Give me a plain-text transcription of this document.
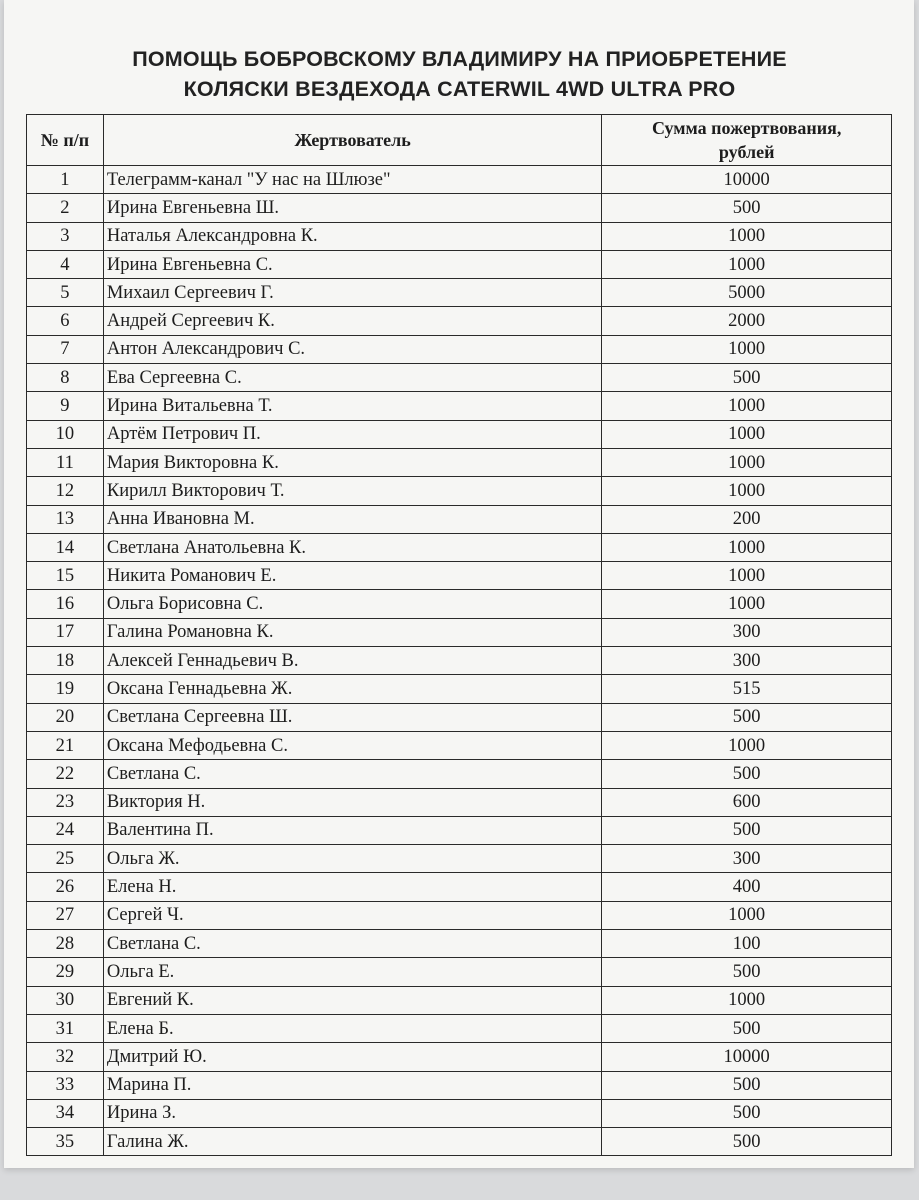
ПОМОЩЬ БОБРОВСКОМУ ВЛАДИМИРУ НА ПРИОБРЕТЕНИЕ
КОЛЯСКИ ВЕЗДЕХОДА CATERWIL 4WD ULTRA PRO
№ п/п	Жертвователь	Сумма пожертвования,
рублей
1	Телеграмм-канал "У нас на Шлюзе"	10000
2	Ирина Евгеньевна Ш.	500
3	Наталья Александровна К.	1000
4	Ирина Евгеньевна С.	1000
5	Михаил Сергеевич Г.	5000
6	Андрей Сергеевич К.	2000
7	Антон Александрович С.	1000
8	Ева Сергеевна С.	500
9	Ирина Витальевна Т.	1000
10	Артём Петрович П.	1000
11	Мария Викторовна К.	1000
12	Кирилл Викторович Т.	1000
13	Анна Ивановна М.	200
14	Светлана Анатольевна К.	1000
15	Никита Романович Е.	1000
16	Ольга Борисовна С.	1000
17	Галина Романовна К.	300
18	Алексей Геннадьевич В.	300
19	Оксана Геннадьевна Ж.	515
20	Светлана Сергеевна Ш.	500
21	Оксана Мефодьевна С.	1000
22	Светлана С.	500
23	Виктория Н.	600
24	Валентина П.	500
25	Ольга Ж.	300
26	Елена Н.	400
27	Сергей Ч.	1000
28	Светлана С.	100
29	Ольга Е.	500
30	Евгений К.	1000
31	Елена Б.	500
32	Дмитрий Ю.	10000
33	Марина П.	500
34	Ирина З.	500
35	Галина Ж.	500
